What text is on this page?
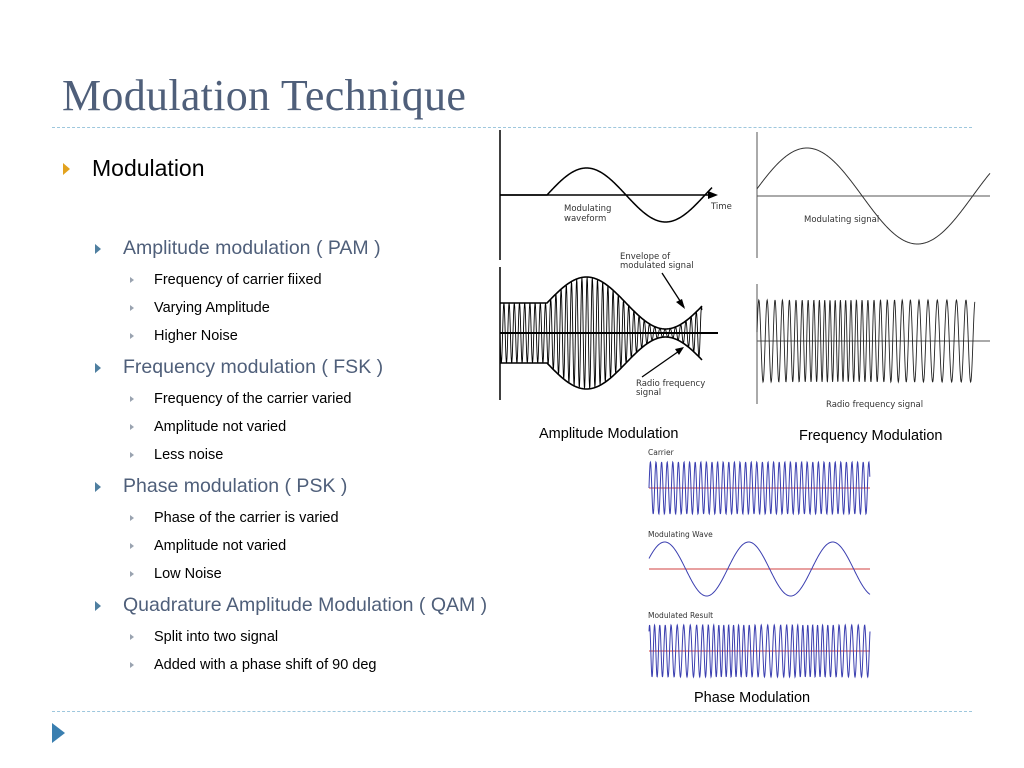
Modulation Technique
Modulation
Amplitude modulation ( PAM )
Frequency of carrier fiixed
Varying Amplitude
Higher Noise
Frequency modulation ( FSK )
Frequency of the carrier varied
Amplitude not varied
Less noise
Phase modulation ( PSK )
Phase of the carrier is varied
Amplitude not varied
Low Noise
Quadrature Amplitude Modulation ( QAM )
Split into two signal
Added with a phase shift of 90 deg
Time
Modulating waveform
Envelope of modulated signal
Radio frequency signal
Amplitude Modulation
Modulating signal
Radio frequency signal
Frequency Modulation
Carrier
Modulating Wave
Modulated Result
Phase Modulation
